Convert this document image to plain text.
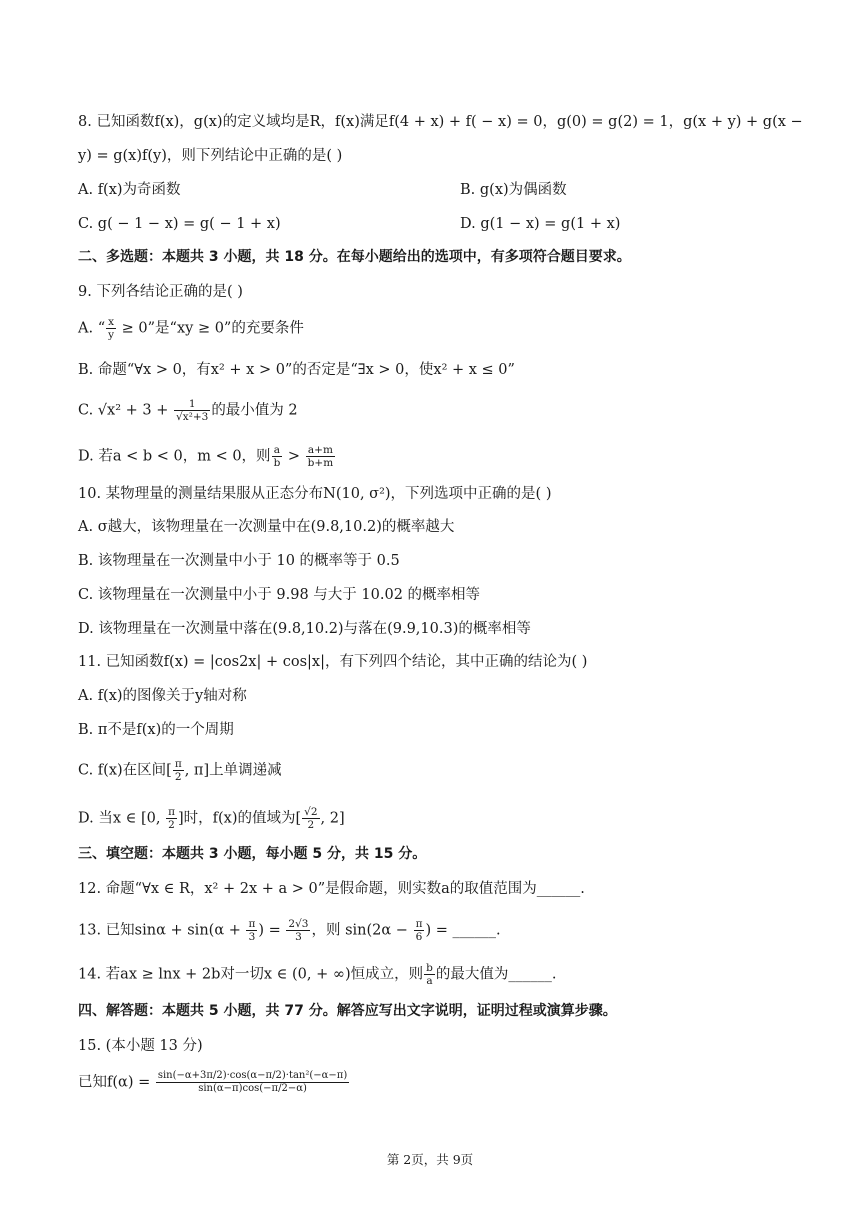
8. 已知函数f(x)，g(x)的定义域均是R，f(x)满足f(4 + x) + f( − x) = 0，g(0) = g(2) = 1，g(x + y) + g(x −
y) = g(x)f(y)，则下列结论中正确的是( )
A. f(x)为奇函数	B. g(x)为偶函数
C. g( − 1 − x) = g( − 1 + x)	D. g(1 − x) = g(1 + x)
二、多选题：本题共 3 小题，共 18 分。在每小题给出的选项中，有多项符合题目要求。
9. 下列各结论正确的是( )
A. “ $\frac{x}{y} \ge 0$”是“xy ≥ 0”的充要条件
B. 命题“∀x > 0，有x² + x > 0”的否定是“∃x > 0，使x² + x ≤ 0”
C. $√x^2 + 3 + \frac{1}{\text{√x²+3}}$ 的最小值为 2
D. 若a < b < 0，m < 0，则 $\frac{a}{b} > \frac{a+m}{b+m}$
10. 某物理量的测量结果服从正态分布N(10, σ²)，下列选项中正确的是( )
A. σ越大，该物理量在一次测量中在(9.8,10.2)的概率越大
B. 该物理量在一次测量中小于 10 的概率等于 0.5
C. 该物理量在一次测量中小于 9.98 与大于 10.02 的概率相等
D. 该物理量在一次测量中落在(9.8,10.2)与落在(9.9,10.3)的概率相等
11. 已知函数f(x) = |cos2x| + cos|x|，有下列四个结论，其中正确的结论为( )
A. f(x)的图像关于y轴对称
B. π不是f(x)的一个周期
C. f(x)在区间[ $\frac{\pi}{2}$ , π]上单调递减
D. 当x ∈ [0, $\frac{\pi}{2}$ ]时，f(x)的值域为[ $\frac{√2}{2}$ , 2]
三、填空题：本题共 3 小题，每小题 5 分，共 15 分。
12. 命题“∀x ∈ R，x² + 2x + a > 0”是假命题，则实数a的取值范围为______.
13. 已知$\sin\alpha + \sin(\alpha + \frac{\pi}{3}$ ) = $\frac{2√3}{3}$ ，则 $\sin(2\alpha - \frac{\pi}{6}$ ) = ______.
14. 若ax ≥ lnx + 2b对一切x ∈ (0, + ∞)恒成立，则 $\frac{b}{a}$ 的最大值为______.
四、解答题：本题共 5 小题，共 77 分。解答应写出文字说明，证明过程或演算步骤。
15. (本小题 13 分)
已知$f(\alpha) = \frac{\text{sin(−α+3π/2)·cos(α−π/2)·tan²(−α−π)}}{\sin(\alpha-\pi)\cos(-\pi/2-\alpha)}$
第 2页，共 9页
